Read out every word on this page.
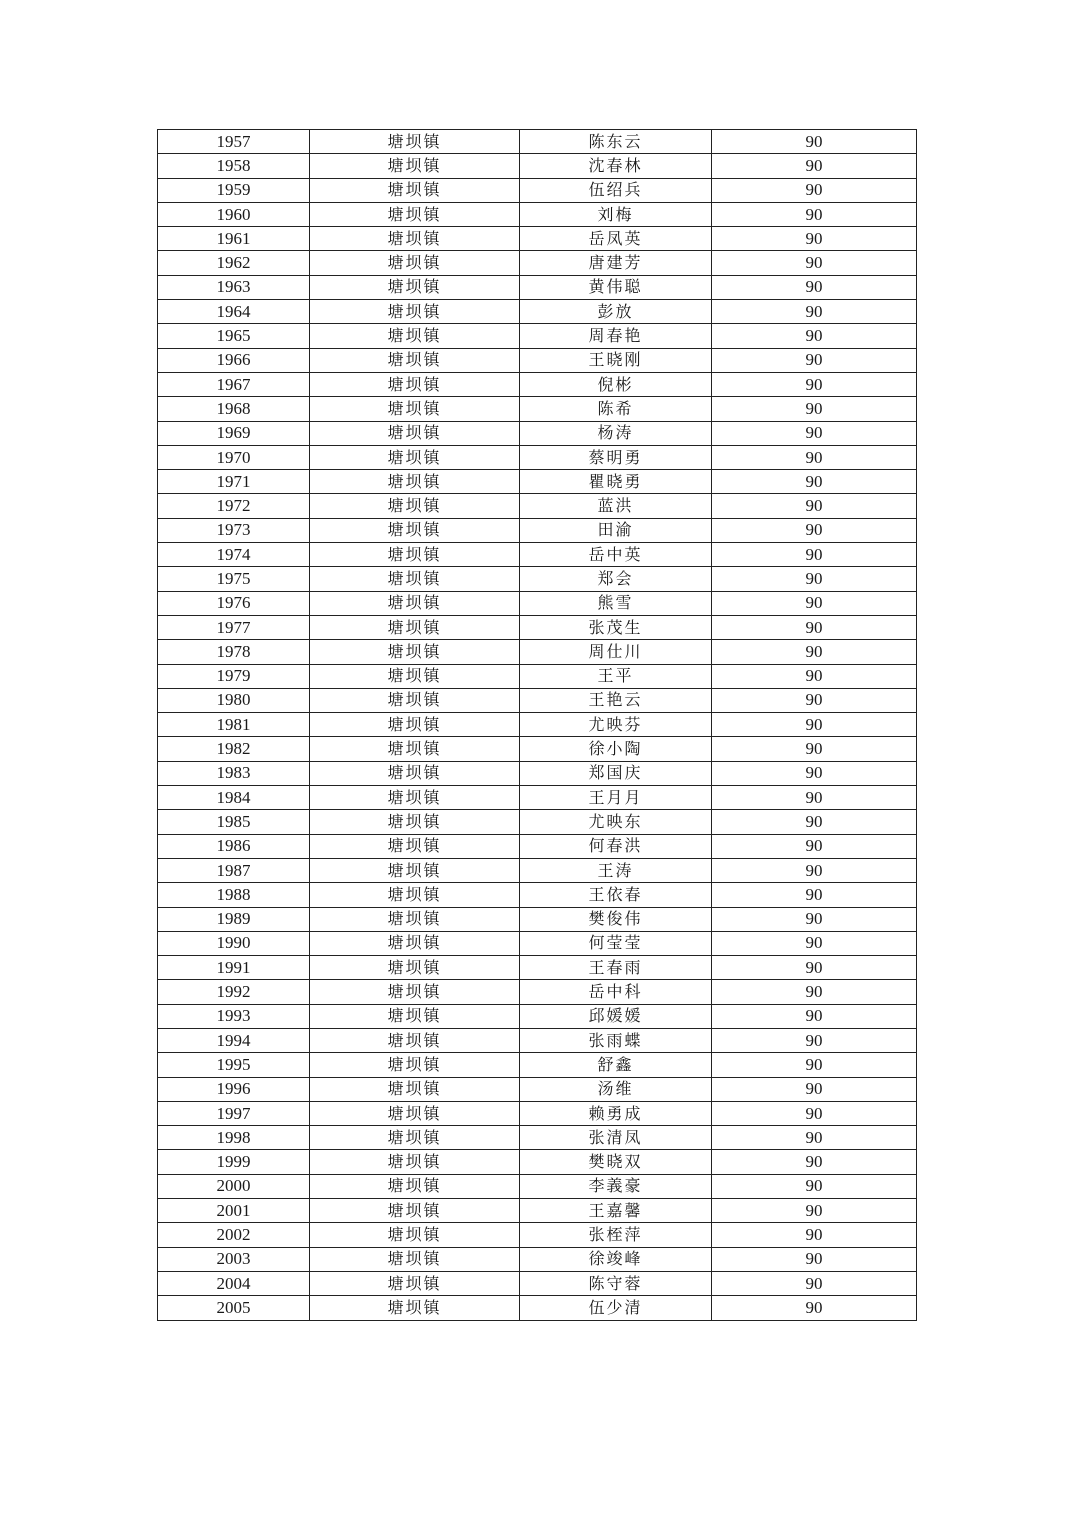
1957	塘坝镇	陈东云	90
1958	塘坝镇	沈春林	90
1959	塘坝镇	伍绍兵	90
1960	塘坝镇	刘梅	90
1961	塘坝镇	岳凤英	90
1962	塘坝镇	唐建芳	90
1963	塘坝镇	黄伟聪	90
1964	塘坝镇	彭放	90
1965	塘坝镇	周春艳	90
1966	塘坝镇	王晓刚	90
1967	塘坝镇	倪彬	90
1968	塘坝镇	陈希	90
1969	塘坝镇	杨涛	90
1970	塘坝镇	蔡明勇	90
1971	塘坝镇	瞿晓勇	90
1972	塘坝镇	蓝洪	90
1973	塘坝镇	田渝	90
1974	塘坝镇	岳中英	90
1975	塘坝镇	郑会	90
1976	塘坝镇	熊雪	90
1977	塘坝镇	张茂生	90
1978	塘坝镇	周仕川	90
1979	塘坝镇	王平	90
1980	塘坝镇	王艳云	90
1981	塘坝镇	尤映芬	90
1982	塘坝镇	徐小陶	90
1983	塘坝镇	郑国庆	90
1984	塘坝镇	王月月	90
1985	塘坝镇	尤映东	90
1986	塘坝镇	何春洪	90
1987	塘坝镇	王涛	90
1988	塘坝镇	王依春	90
1989	塘坝镇	樊俊伟	90
1990	塘坝镇	何莹莹	90
1991	塘坝镇	王春雨	90
1992	塘坝镇	岳中科	90
1993	塘坝镇	邱媛媛	90
1994	塘坝镇	张雨蝶	90
1995	塘坝镇	舒鑫	90
1996	塘坝镇	汤维	90
1997	塘坝镇	赖勇成	90
1998	塘坝镇	张清凤	90
1999	塘坝镇	樊晓双	90
2000	塘坝镇	李義豪	90
2001	塘坝镇	王嘉馨	90
2002	塘坝镇	张桎萍	90
2003	塘坝镇	徐竣峰	90
2004	塘坝镇	陈守蓉	90
2005	塘坝镇	伍少清	90
